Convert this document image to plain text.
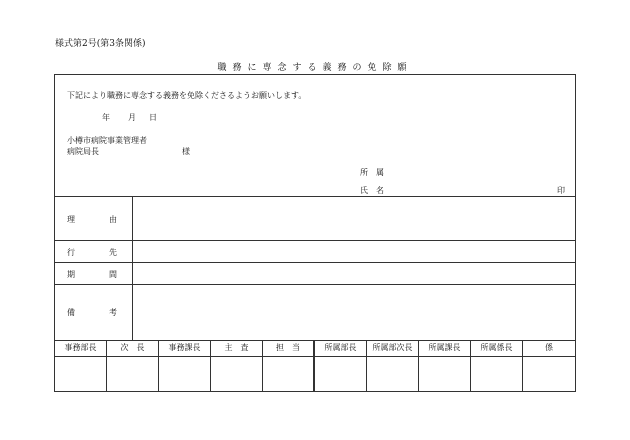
様式第2号(第3条関係)
職務に専念する義務の免除願
下記により職務に専念する義務を免除くださるようお願いします。
年 月 日
小樽市病院事業管理者
病院局長	様
所属
氏名	印
理	由
行	先
期	間
備	考
事務部長	次　長	事務課長	主　査	担　当	所属部長	所属部次長	所属課長	所属係長	係
